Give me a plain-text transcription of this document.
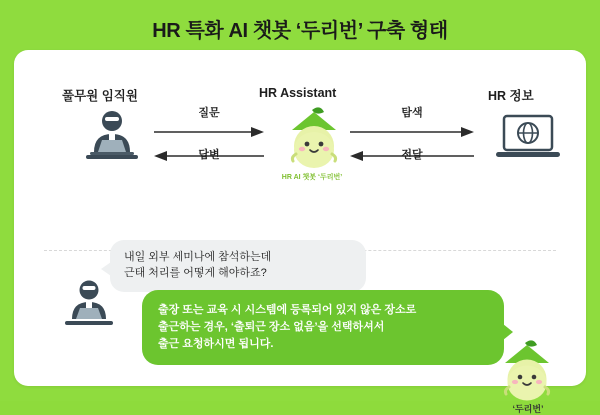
HR 특화 AI 챗봇 ‘두리번’ 구축 형태
풀무원 임직원	HR Assistant	HR 정보
HR AI 챗봇 ‘두리번’
질문
답변
탐색
전달
내일 외부 세미나에 참석하는데
근태 처리를 어떻게 해야하죠?
출장 또는 교육 시 시스템에 등록되어 있지 않은 장소로
출근하는 경우, ‘출퇴근 장소 없음’을 선택하셔서
출근 요청하시면 됩니다.
‘두리번’
